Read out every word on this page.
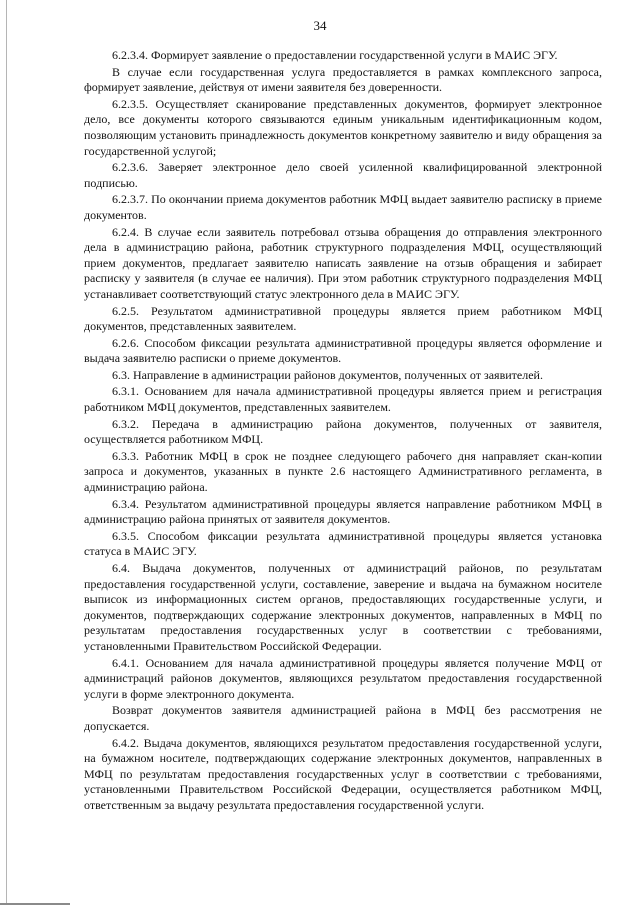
34

6.2.3.4. Формирует заявление о предоставлении государственной услуги в МАИС ЭГУ.

В случае если государственная услуга предоставляется в рамках комплексного запроса, формирует заявление, действуя от имени заявителя без доверенности.

6.2.3.5. Осуществляет сканирование представленных документов, формирует электронное дело, все документы которого связываются единым уникальным идентификационным кодом, позволяющим установить принадлежность документов конкретному заявителю и виду обращения за государственной услугой;

6.2.3.6. Заверяет электронное дело своей усиленной квалифицированной электронной подписью.

6.2.3.7. По окончании приема документов работник МФЦ выдает заявителю расписку в приеме документов.

6.2.4. В случае если заявитель потребовал отзыва обращения до отправления электронного дела в администрацию района, работник структурного подразделения МФЦ, осуществляющий прием документов, предлагает заявителю написать заявление на отзыв обращения и забирает расписку у заявителя (в случае ее наличия). При этом работник структурного подразделения МФЦ устанавливает соответствующий статус электронного дела в МАИС ЭГУ.

6.2.5. Результатом административной процедуры является прием работником МФЦ документов, представленных заявителем.

6.2.6. Способом фиксации результата административной процедуры является оформление и выдача заявителю расписки о приеме документов.

6.3. Направление в администрации районов документов, полученных от заявителей.

6.3.1. Основанием для начала административной процедуры является прием и регистрация работником МФЦ документов, представленных заявителем.

6.3.2. Передача в администрацию района документов, полученных от заявителя, осуществляется работником МФЦ.

6.3.3. Работник МФЦ в срок не позднее следующего рабочего дня направляет скан-копии запроса и документов, указанных в пункте 2.6 настоящего Административного регламента, в администрацию района.

6.3.4. Результатом административной процедуры является направление работником МФЦ в администрацию района принятых от заявителя документов.

6.3.5. Способом фиксации результата административной процедуры является установка статуса в МАИС ЭГУ.

6.4. Выдача документов, полученных от администраций районов, по результатам предоставления государственной услуги, составление, заверение и выдача на бумажном носителе выписок из информационных систем органов, предоставляющих государственные услуги, и документов, подтверждающих содержание электронных документов, направленных в МФЦ по результатам предоставления государственных услуг в соответствии с требованиями, установленными Правительством Российской Федерации.

6.4.1. Основанием для начала административной процедуры является получение МФЦ от администраций районов документов, являющихся результатом предоставления государственной услуги в форме электронного документа.

Возврат документов заявителя администрацией района в МФЦ без рассмотрения не допускается.

6.4.2. Выдача документов, являющихся результатом предоставления государственной услуги, на бумажном носителе, подтверждающих содержание электронных документов, направленных в МФЦ по результатам предоставления государственных услуг в соответствии с требованиями, установленными Правительством Российской Федерации, осуществляется работником МФЦ, ответственным за выдачу результата предоставления государственной услуги.
